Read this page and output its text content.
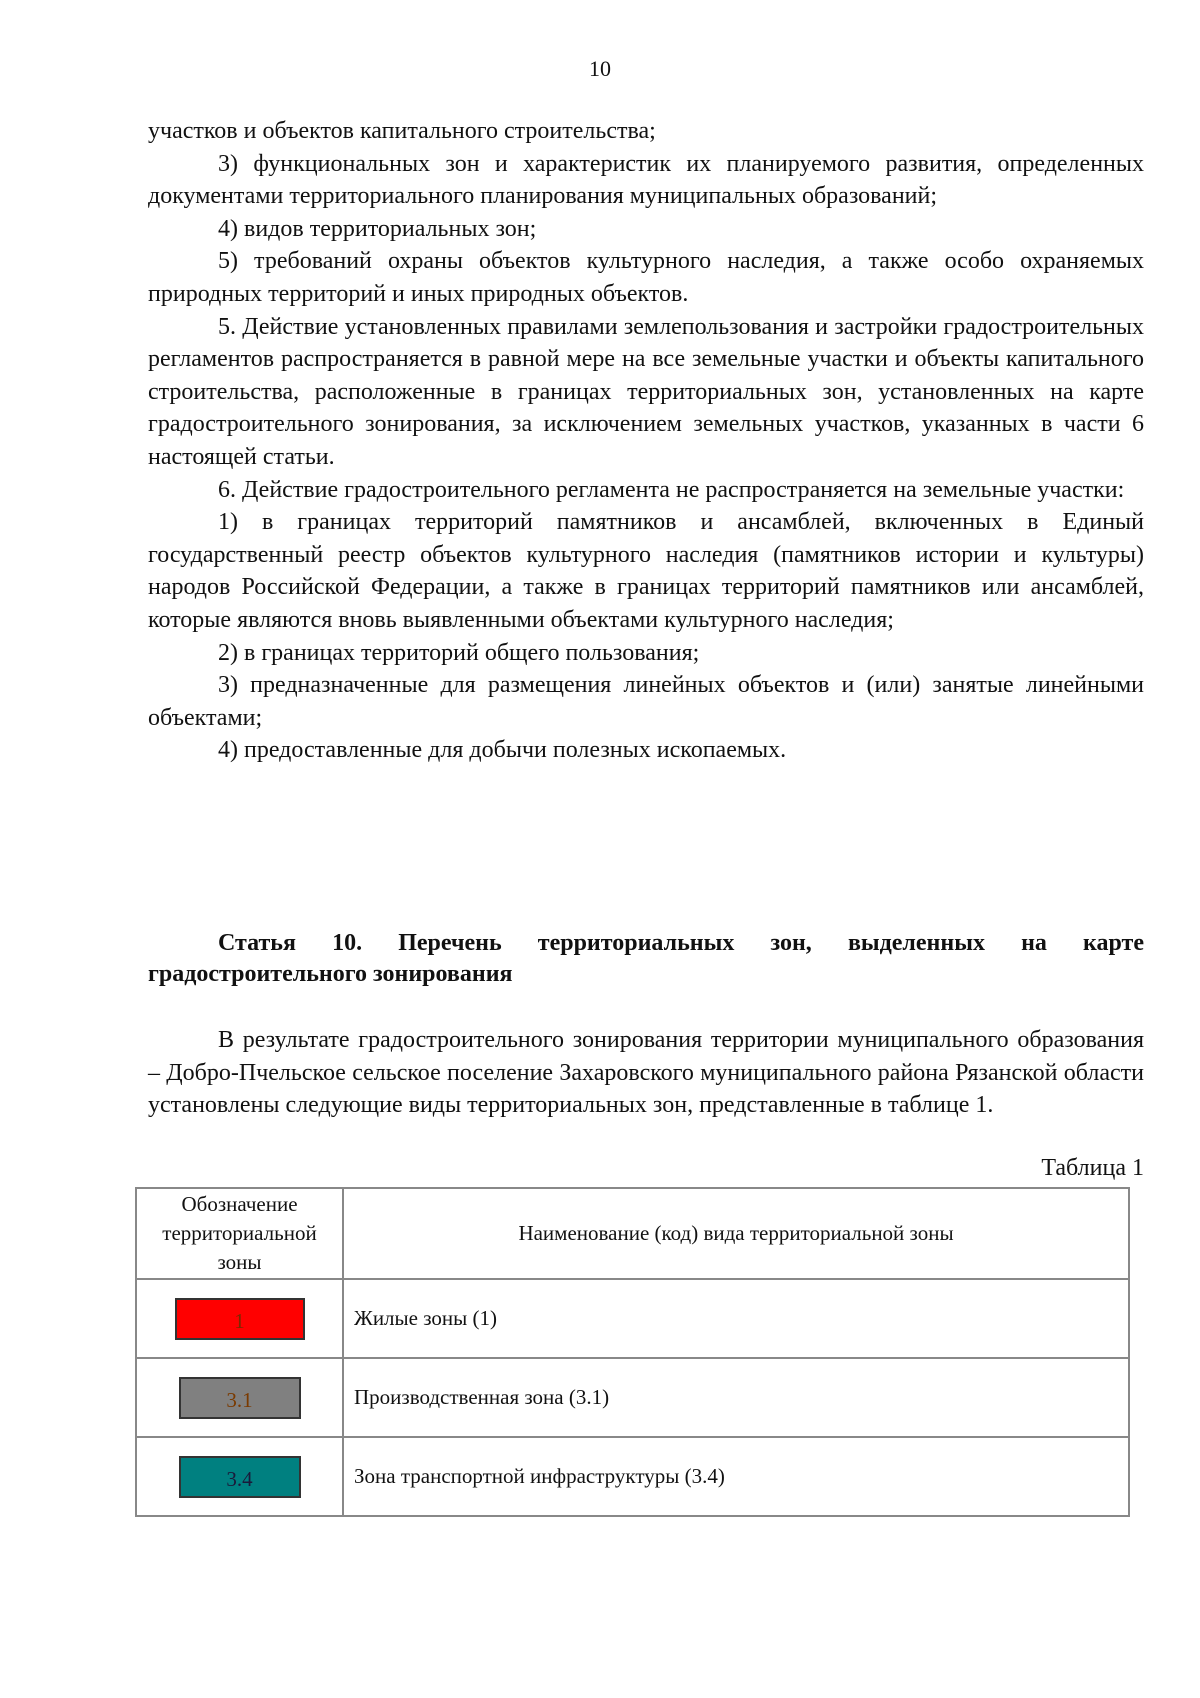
10

участков и объектов капитального строительства;

3) функциональных зон и характеристик их планируемого развития, определенных документами территориального планирования муниципальных образований;

4) видов территориальных зон;

5) требований охраны объектов культурного наследия, а также особо охраняемых природных территорий и иных природных объектов.

5. Действие установленных правилами землепользования и застройки градостроительных регламентов распространяется в равной мере на все земельные участки и объекты капитального строительства, расположенные в границах территориальных зон, установленных на карте градостроительного зонирования, за исключением земельных участков, указанных в части 6 настоящей статьи.

6. Действие градостроительного регламента не распространяется на земельные участки:

1) в границах территорий памятников и ансамблей, включенных в Единый государственный реестр объектов культурного наследия (памятников истории и культуры) народов Российской Федерации, а также в границах территорий памятников или ансамблей, которые являются вновь выявленными объектами культурного наследия;

2) в границах территорий общего пользования;

3) предназначенные для размещения линейных объектов и (или) занятые линейными объектами;

4) предоставленные для добычи полезных ископаемых.

Статья 10. Перечень территориальных зон, выделенных на карте градостроительного зонирования
В результате градостроительного зонирования территории муниципального образования – Добро-Пчельское сельское поселение Захаровского муниципального района Рязанской области установлены следующие виды территориальных зон, представленные в таблице 1.
Таблица 1
Обозначение территориальной зоны	Наименование (код) вида территориальной зоны
1	Жилые зоны (1)
3.1	Производственная зона (3.1)
3.4	Зона транспортной инфраструктуры (3.4)
